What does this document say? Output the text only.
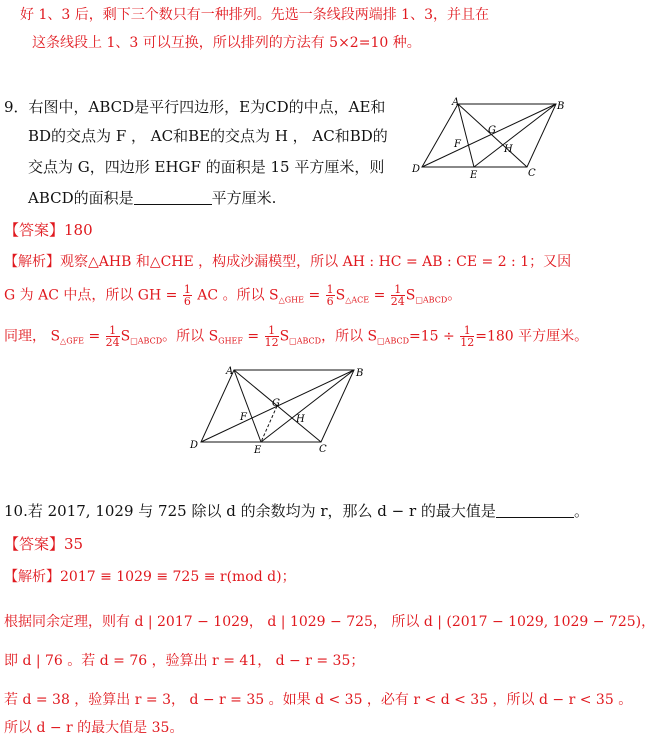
好 1、3 后，剩下三个数只有一种排列。先选一条线段两端排 1、3，并且在
这条线段上 1、3 可以互换，所以排列的方法有 5×2=10 种。
9．右图中，ABCD是平行四边形，E为CD的中点，AE和
BD的交点为 F ， AC和BE的交点为 H ， AC和BD的
交点为 G，四边形 EHGF 的面积是 15 平方厘米，则
ABCD的面积是	平方厘米.
A	B
C
D
E
F
G
H
【答案】180
【解析】观察△AHB 和△CHE ，构成沙漏模型，所以 AH : HC = AB : CE = 2 : 1；又因
G 为 AC 中点，所以 GH = $\frac{1}{6}$ AC 。所以 $S_{\triangle GHE} = \frac{1}{6} S_{\triangle ACE} = \frac{1}{24} S_{□ABCD}$。
同理， $S_{\triangle GFE} = \frac{1}{24} S_{□ABCD}$。所以 $S_{GHEF} = \frac{1}{12} S_{□ABCD}$，所以 $S_{□ABCD}=15 \div \frac{1}{12} =180$ 平方厘米。
A	B
C
D	E
F
G
H
10.若 2017, 1029 与 725 除以 d 的余数均为 r，那么 d − r 的最大值是	。
【答案】35
【解析】2017 ≡ 1029 ≡ 725 ≡ r(mod d)；
根据同余定理，则有 d | 2017 − 1029， d | 1029 − 725， 所以 d | (2017 − 1029, 1029 − 725)，
即 d | 76 。若 d = 76 ，验算出 r = 41， d − r = 35；
若 d = 38 ，验算出 r = 3， d − r = 35 。如果 d < 35 ，必有 r < d < 35 ，所以 d − r < 35 。
所以 d − r 的最大值是 35。
